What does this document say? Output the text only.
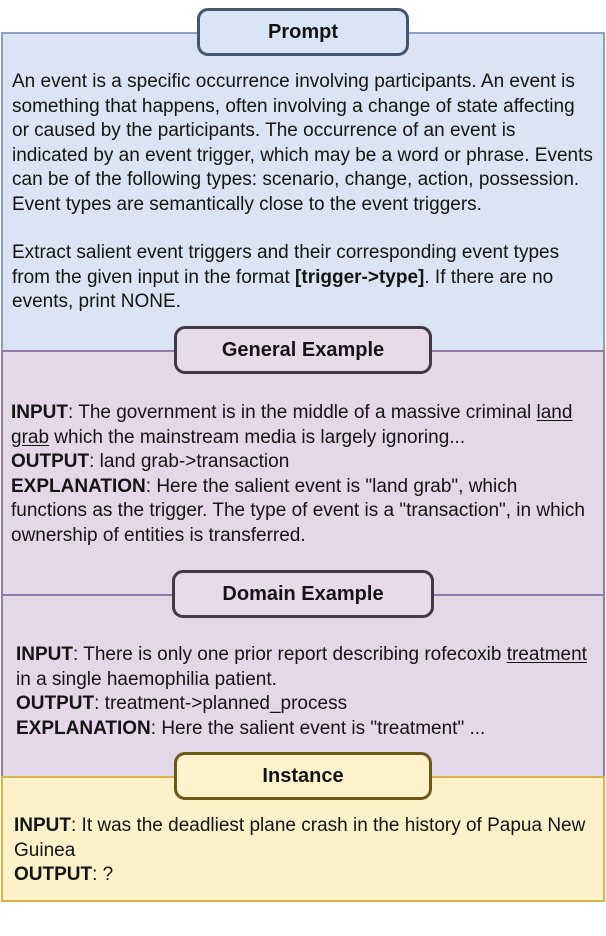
Prompt

An event is a specific occurrence involving participants. An event is something that happens, often involving a change of state affecting or caused by the participants. The occurrence of an event is indicated by an event trigger, which may be a word or phrase. Events can be of the following types: scenario, change, action, possession. Event types are semantically close to the event triggers.

Extract salient event triggers and their corresponding event types from the given input in the format [trigger->type]. If there are no events, print NONE.

General Example

INPUT: The government is in the middle of a massive criminal land grab which the mainstream media is largely ignoring...

OUTPUT: land grab->transaction

EXPLANATION: Here the salient event is "land grab", which functions as the trigger. The type of event is a "transaction", in which ownership of entities is transferred.

Domain Example

INPUT: There is only one prior report describing rofecoxib treatment in a single haemophilia patient.

OUTPUT: treatment->planned_process

EXPLANATION: Here the salient event is "treatment" ...

Instance

INPUT: It was the deadliest plane crash in the history of Papua New Guinea

OUTPUT: ?
